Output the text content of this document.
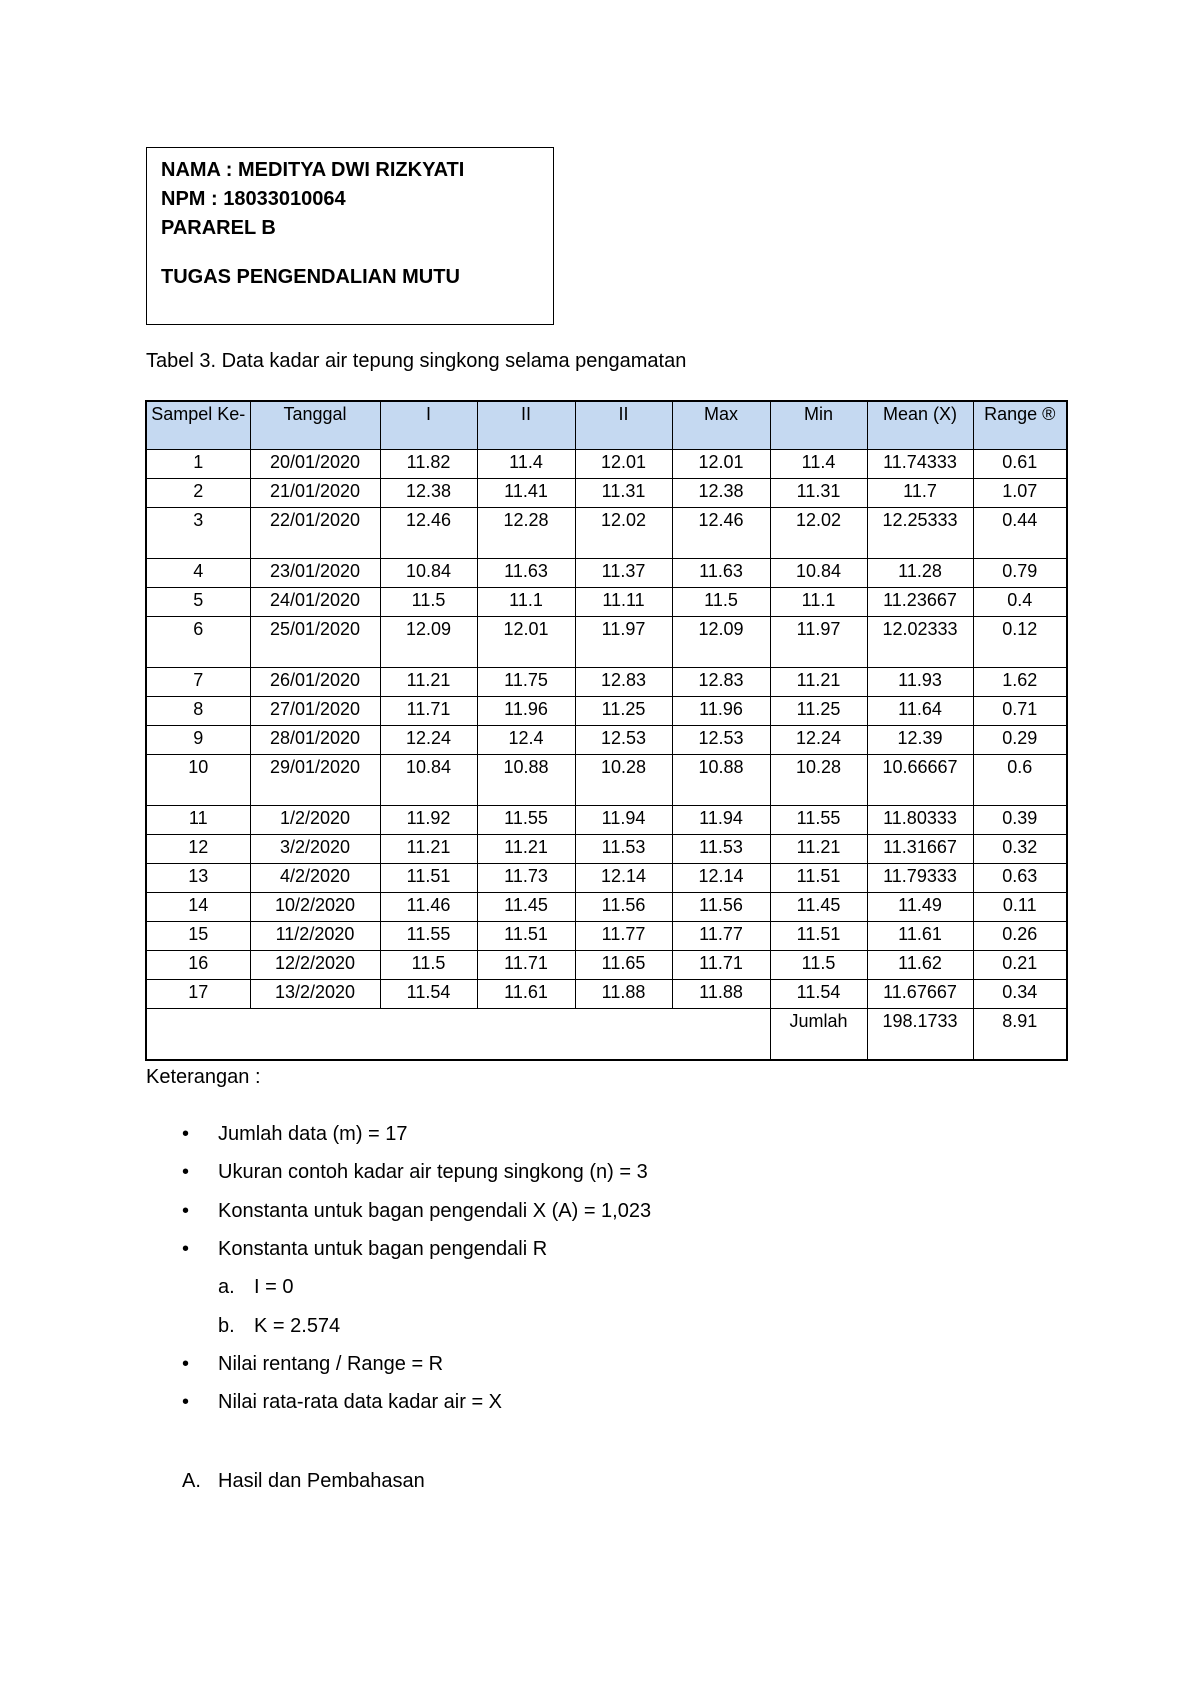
NAMA : MEDITYA DWI RIZKYATI
NPM : 18033010064
PARAREL B
TUGAS PENGENDALIAN MUTU
Tabel 3. Data kadar air tepung singkong selama pengamatan
Sampel Ke-	Tanggal	I	II	II	Max	Min	Mean (X)	Range ®
1	20/01/2020	11.82	11.4	12.01	12.01	11.4	11.74333	0.61
2	21/01/2020	12.38	11.41	11.31	12.38	11.31	11.7	1.07
3	22/01/2020	12.46	12.28	12.02	12.46	12.02	12.25333	0.44
4	23/01/2020	10.84	11.63	11.37	11.63	10.84	11.28	0.79
5	24/01/2020	11.5	11.1	11.11	11.5	11.1	11.23667	0.4
6	25/01/2020	12.09	12.01	11.97	12.09	11.97	12.02333	0.12
7	26/01/2020	11.21	11.75	12.83	12.83	11.21	11.93	1.62
8	27/01/2020	11.71	11.96	11.25	11.96	11.25	11.64	0.71
9	28/01/2020	12.24	12.4	12.53	12.53	12.24	12.39	0.29
10	29/01/2020	10.84	10.88	10.28	10.88	10.28	10.66667	0.6
11	1/2/2020	11.92	11.55	11.94	11.94	11.55	11.80333	0.39
12	3/2/2020	11.21	11.21	11.53	11.53	11.21	11.31667	0.32
13	4/2/2020	11.51	11.73	12.14	12.14	11.51	11.79333	0.63
14	10/2/2020	11.46	11.45	11.56	11.56	11.45	11.49	0.11
15	11/2/2020	11.55	11.51	11.77	11.77	11.51	11.61	0.26
16	12/2/2020	11.5	11.71	11.65	11.71	11.5	11.62	0.21
17	13/2/2020	11.54	11.61	11.88	11.88	11.54	11.67667	0.34
						Jumlah	198.1733	8.91
Keterangan :
• Jumlah data (m) = 17
• Ukuran contoh kadar air tepung singkong (n) = 3
• Konstanta untuk bagan pengendali X (A) = 1,023
• Konstanta untuk bagan pengendali R
a. I = 0
b. K = 2.574
• Nilai rentang / Range = R
• Nilai rata-rata data kadar air = X
A. Hasil dan Pembahasan
